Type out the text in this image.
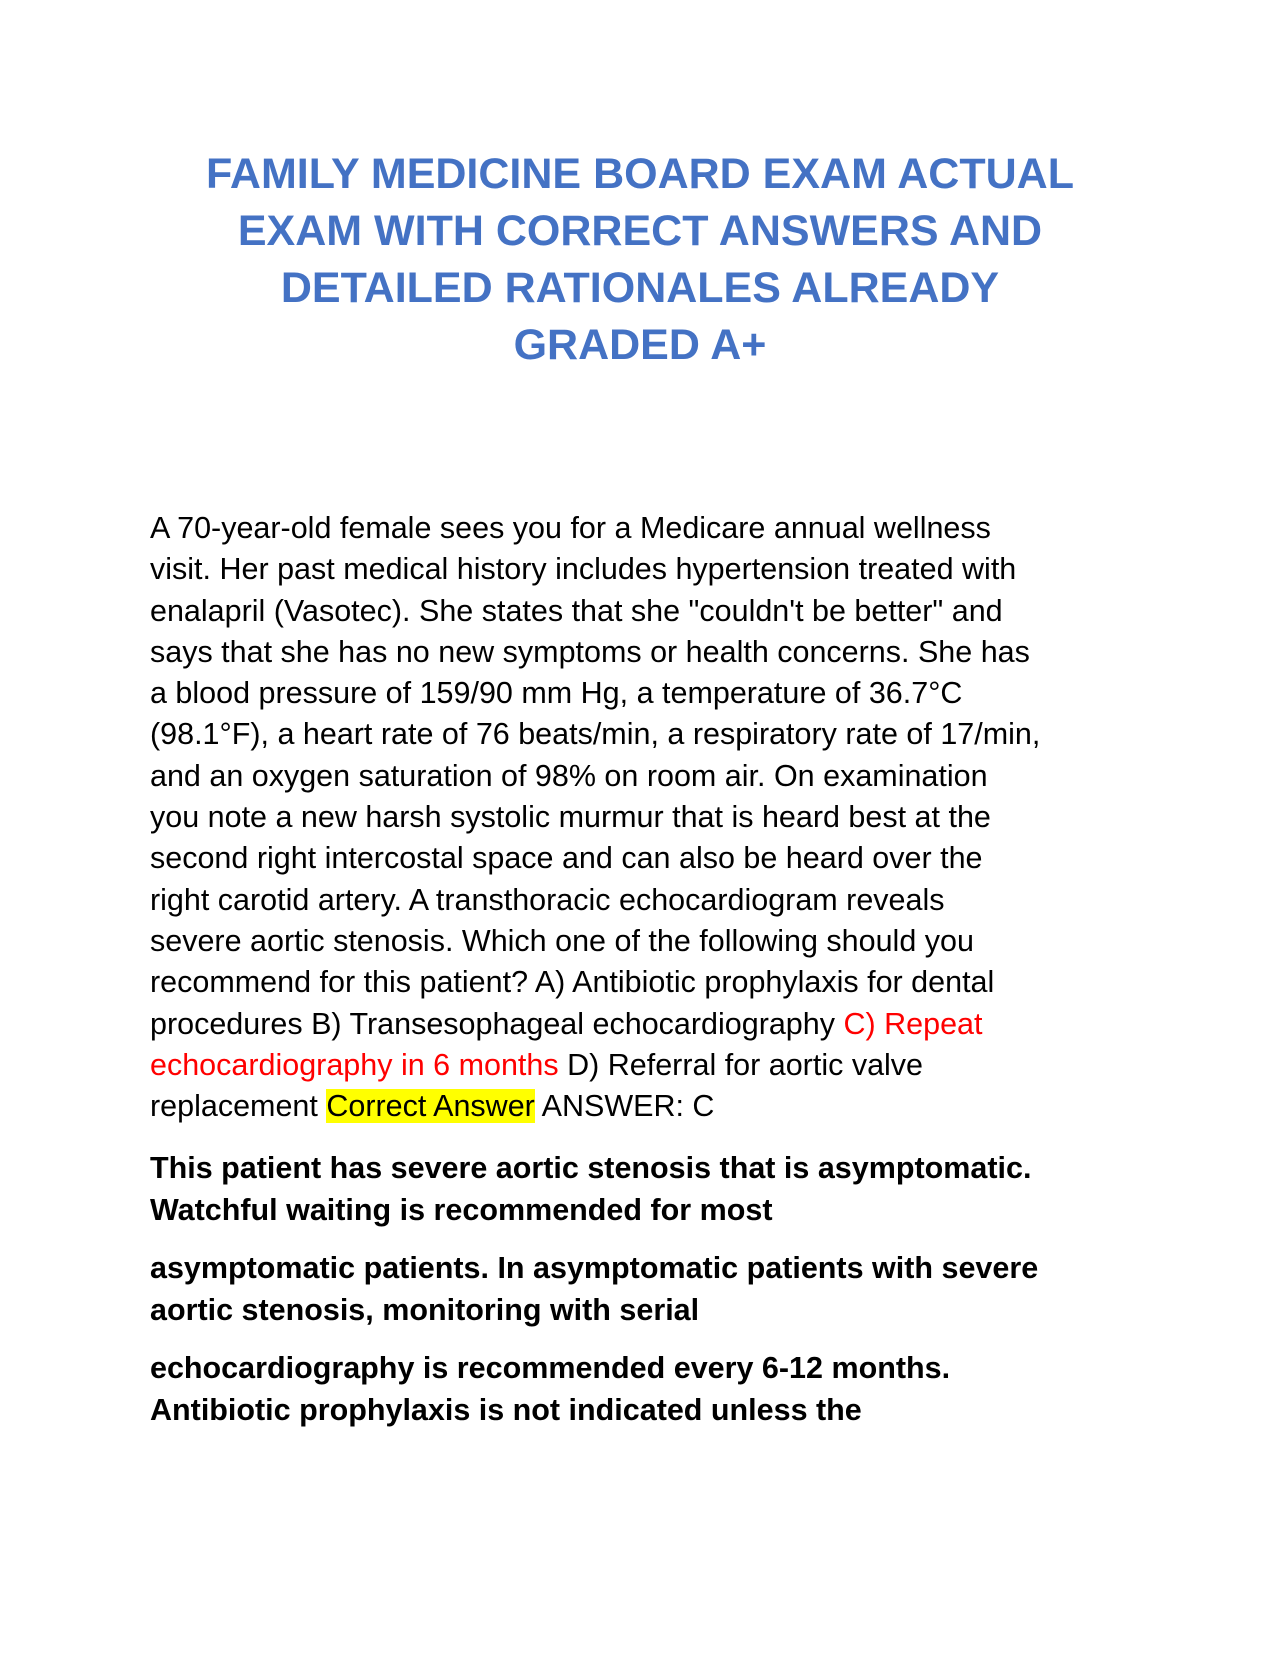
FAMILY MEDICINE BOARD EXAM ACTUAL
EXAM WITH CORRECT ANSWERS AND
DETAILED RATIONALES ALREADY
GRADED A+

A 70-year-old female sees you for a Medicare annual wellness
visit. Her past medical history includes hypertension treated with
enalapril (Vasotec). She states that she "couldn't be better" and
says that she has no new symptoms or health concerns. She has
a blood pressure of 159/90 mm Hg, a temperature of 36.7°C
(98.1°F), a heart rate of 76 beats/min, a respiratory rate of 17/min,
and an oxygen saturation of 98% on room air. On examination
you note a new harsh systolic murmur that is heard best at the
second right intercostal space and can also be heard over the
right carotid artery. A transthoracic echocardiogram reveals
severe aortic stenosis. Which one of the following should you
recommend for this patient? A) Antibiotic prophylaxis for dental
procedures B) Transesophageal echocardiography C) Repeat
echocardiography in 6 months D) Referral for aortic valve
replacement Correct Answer ANSWER: C

This patient has severe aortic stenosis that is asymptomatic.
Watchful waiting is recommended for most

asymptomatic patients. In asymptomatic patients with severe
aortic stenosis, monitoring with serial

echocardiography is recommended every 6-12 months.
Antibiotic prophylaxis is not indicated unless the
